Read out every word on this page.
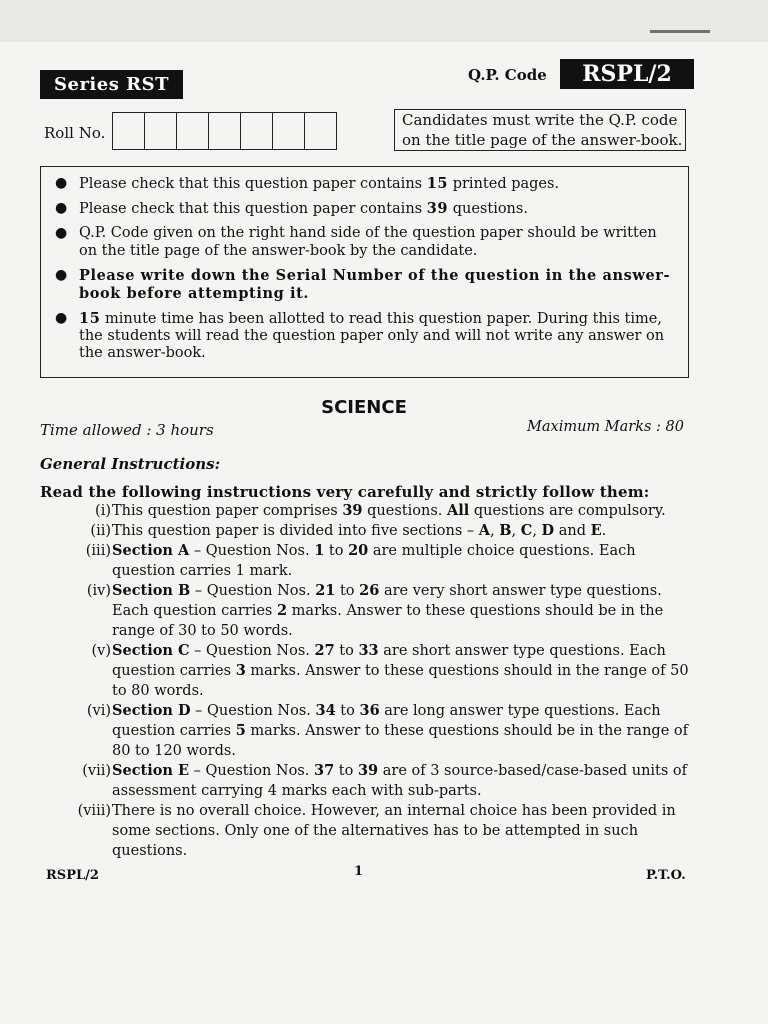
Series RST	Q.P. Code	RSPL/2
Roll No.
Candidates must write the Q.P. code
on the title page of the answer-book.
● Please check that this question paper contains 15 printed pages.
● Please check that this question paper contains 39 questions.
● Q.P. Code given on the right hand side of the question paper should be written on the title page of the answer-book by the candidate.
● Please write down the Serial Number of the question in the answer-book before attempting it.
● 15 minute time has been allotted to read this question paper. During this time, the students will read the question paper only and will not write any answer on the answer-book.
SCIENCE
Time allowed : 3 hours	Maximum Marks : 80
General Instructions:
Read the following instructions very carefully and strictly follow them:
(i) This question paper comprises 39 questions. All questions are compulsory.
(ii) This question paper is divided into five sections – A, B, C, D and E.
(iii) Section A – Question Nos. 1 to 20 are multiple choice questions. Each question carries 1 mark.
(iv) Section B – Question Nos. 21 to 26 are very short answer type questions. Each question carries 2 marks. Answer to these questions should be in the range of 30 to 50 words.
(v) Section C – Question Nos. 27 to 33 are short answer type questions. Each question carries 3 marks. Answer to these questions should in the range of 50 to 80 words.
(vi) Section D – Question Nos. 34 to 36 are long answer type questions. Each question carries 5 marks. Answer to these questions should be in the range of 80 to 120 words.
(vii) Section E – Question Nos. 37 to 39 are of 3 source-based/case-based units of assessment carrying 4 marks each with sub-parts.
(viii) There is no overall choice. However, an internal choice has been provided in some sections. Only one of the alternatives has to be attempted in such questions.
RSPL/2	1	P.T.O.
